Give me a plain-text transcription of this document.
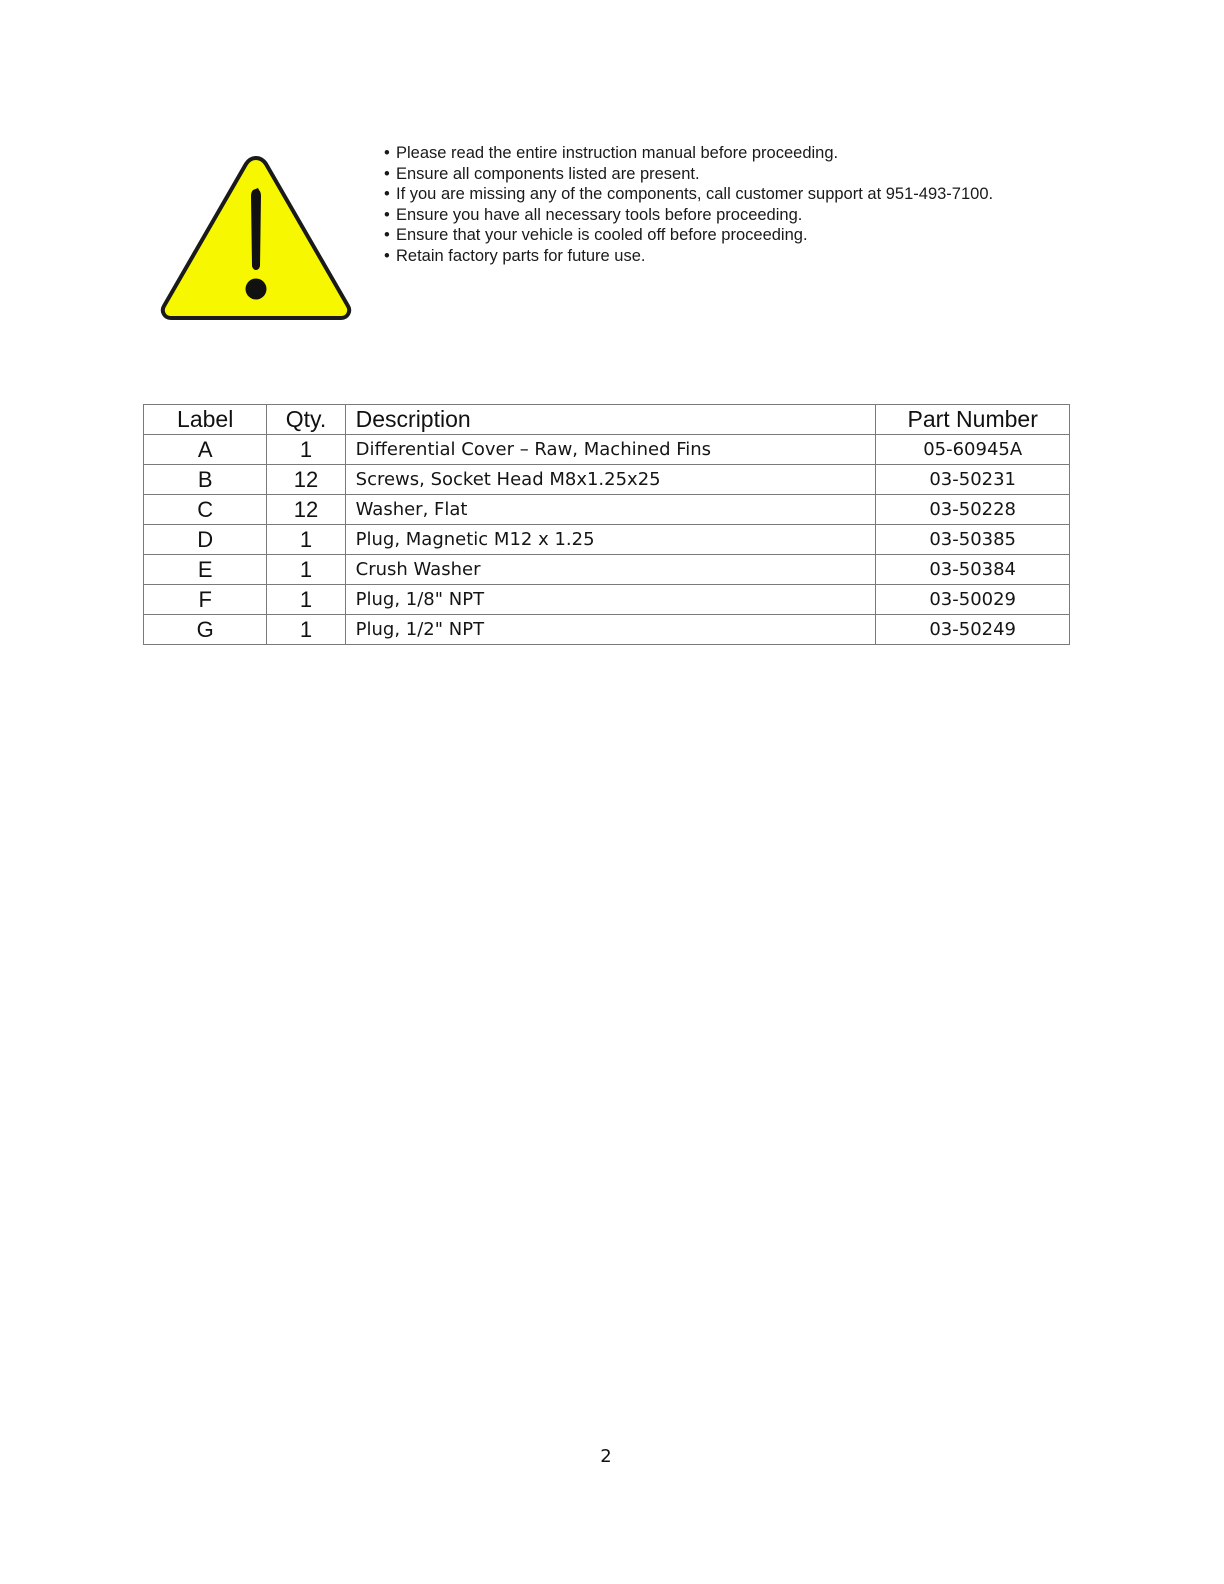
• Please read the entire instruction manual before proceeding.
• Ensure all components listed are present.
• If you are missing any of the components, call customer support at 951-493-7100.
• Ensure you have all necessary tools before proceeding.
• Ensure that your vehicle is cooled off before proceeding.
• Retain factory parts for future use.
Label	Qty.	Description	Part Number
A	1	Differential Cover – Raw, Machined Fins	05-60945A
B	12	Screws, Socket Head M8x1.25x25	03-50231
C	12	Washer, Flat	03-50228
D	1	Plug, Magnetic M12 x 1.25	03-50385
E	1	Crush Washer	03-50384
F	1	Plug, 1/8" NPT	03-50029
G	1	Plug, 1/2" NPT	03-50249
2
